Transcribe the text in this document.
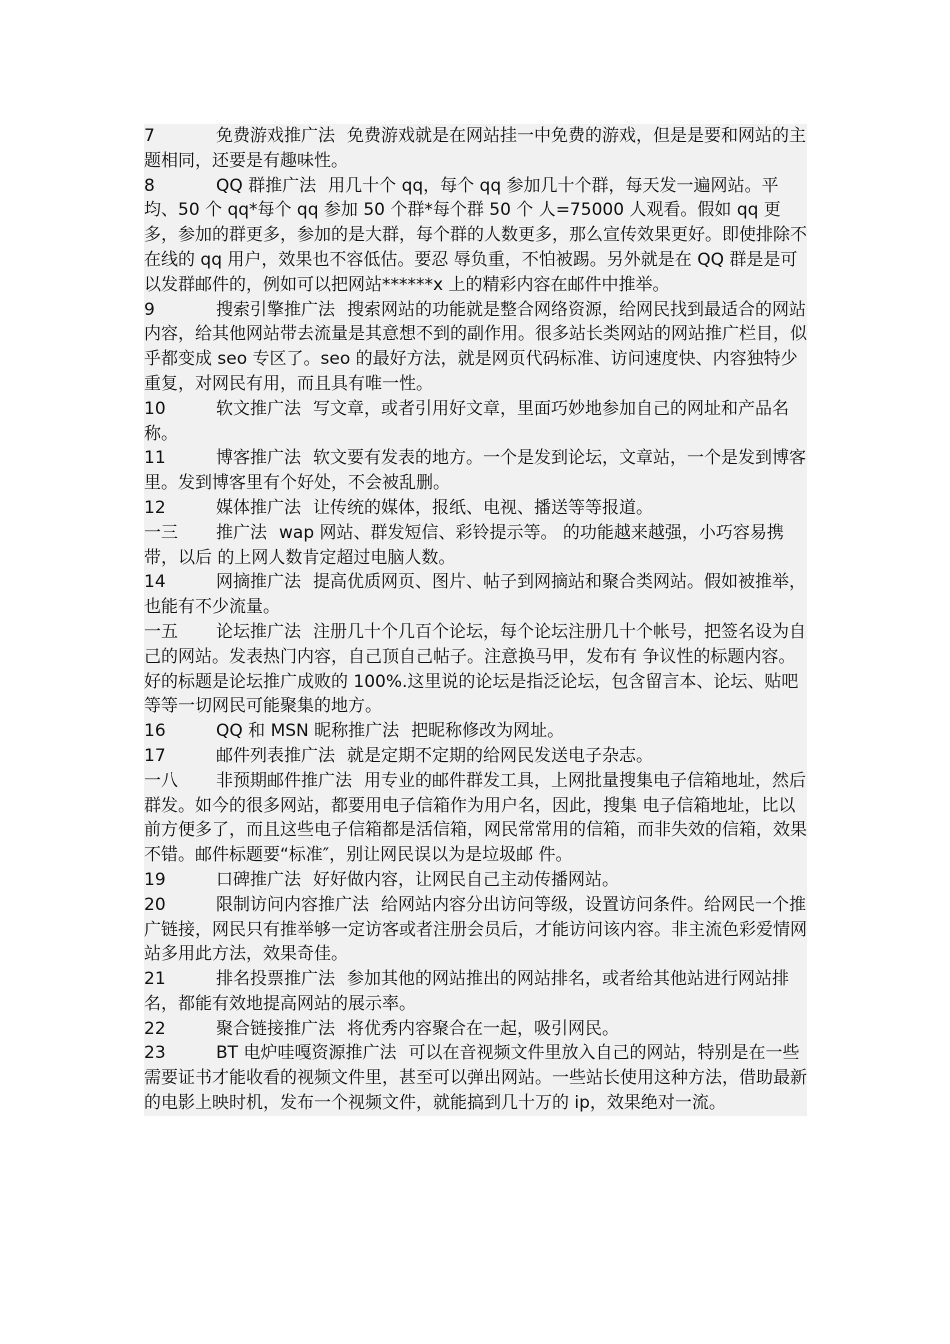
7	免费游戏推广法 免费游戏就是在网站挂一中免费的游戏，但是是要和网站的主题相同，还要是有趣味性。

8	QQ 群推广法 用几十个 qq，每个 qq 参加几十个群，每天发一遍网站。平均、50 个 qq*每个 qq 参加 50 个群*每个群 50 个 人=75000 人观看。假如 qq 更多，参加的群更多，参加的是大群，每个群的人数更多，那么宣传效果更好。即使排除不在线的 qq 用户，效果也不容低估。要忍 辱负重，不怕被踢。另外就是在 QQ 群是是可以发群邮件的，例如可以把网站******x 上的精彩内容在邮件中推举。

9	搜索引擎推广法 搜索网站的功能就是整合网络资源，给网民找到最适合的网站内容，给其他网站带去流量是其意想不到的副作用。很多站长类网站的网站推广栏目，似乎都变成 seo 专区了。seo 的最好方法，就是网页代码标准、访问速度快、内容独特少 重复，对网民有用，而且具有唯一性。

10	软文推广法 写文章，或者引用好文章，里面巧妙地参加自己的网址和产品名称。

11	博客推广法 软文要有发表的地方。一个是发到论坛，文章站，一个是发到博客里。发到博客里有个好处，不会被乱删。

12	媒体推广法 让传统的媒体，报纸、电视、播送等等报道。

一三 推广法 wap 网站、群发短信、彩铃提示等。 的功能越来越强，小巧容易携带，以后 的上网人数肯定超过电脑人数。

14	网摘推广法 提高优质网页、图片、帖子到网摘站和聚合类网站。假如被推举，也能有不少流量。

一五 论坛推广法 注册几十个几百个论坛，每个论坛注册几十个帐号，把签名设为自己的网站。发表热门内容，自己顶自己帖子。注意换马甲，发布有 争议性的标题内容。好的标题是论坛推广成败的 100%.这里说的论坛是指泛论坛，包含留言本、论坛、贴吧等等一切网民可能聚集的地方。

16	QQ 和 MSN 昵称推广法 把昵称修改为网址。

17	邮件列表推广法 就是定期不定期的给网民发送电子杂志。

一八 非预期邮件推广法 用专业的邮件群发工具，上网批量搜集电子信箱地址，然后群发。如今的很多网站，都要用电子信箱作为用户名，因此，搜集 电子信箱地址，比以前方便多了，而且这些电子信箱都是活信箱，网民常常用的信箱，而非失效的信箱，效果不错。邮件标题要“标准″，别让网民误以为是垃圾邮 件。

19	口碑推广法 好好做内容，让网民自己主动传播网站。

20	限制访问内容推广法 给网站内容分出访问等级，设置访问条件。给网民一个推广链接，网民只有推举够一定访客或者注册会员后，才能访问该内容。非主流色彩爱情网站多用此方法，效果奇佳。

21	排名投票推广法 参加其他的网站推出的网站排名，或者给其他站进行网站排名，都能有效地提高网站的展示率。

22	聚合链接推广法 将优秀内容聚合在一起，吸引网民。

23	BT 电炉哇嘎资源推广法 可以在音视频文件里放入自己的网站，特别是在一些需要证书才能收看的视频文件里，甚至可以弹出网站。一些站长使用这种方法，借助最新的电影上映时机，发布一个视频文件，就能搞到几十万的 ip，效果绝对一流。
